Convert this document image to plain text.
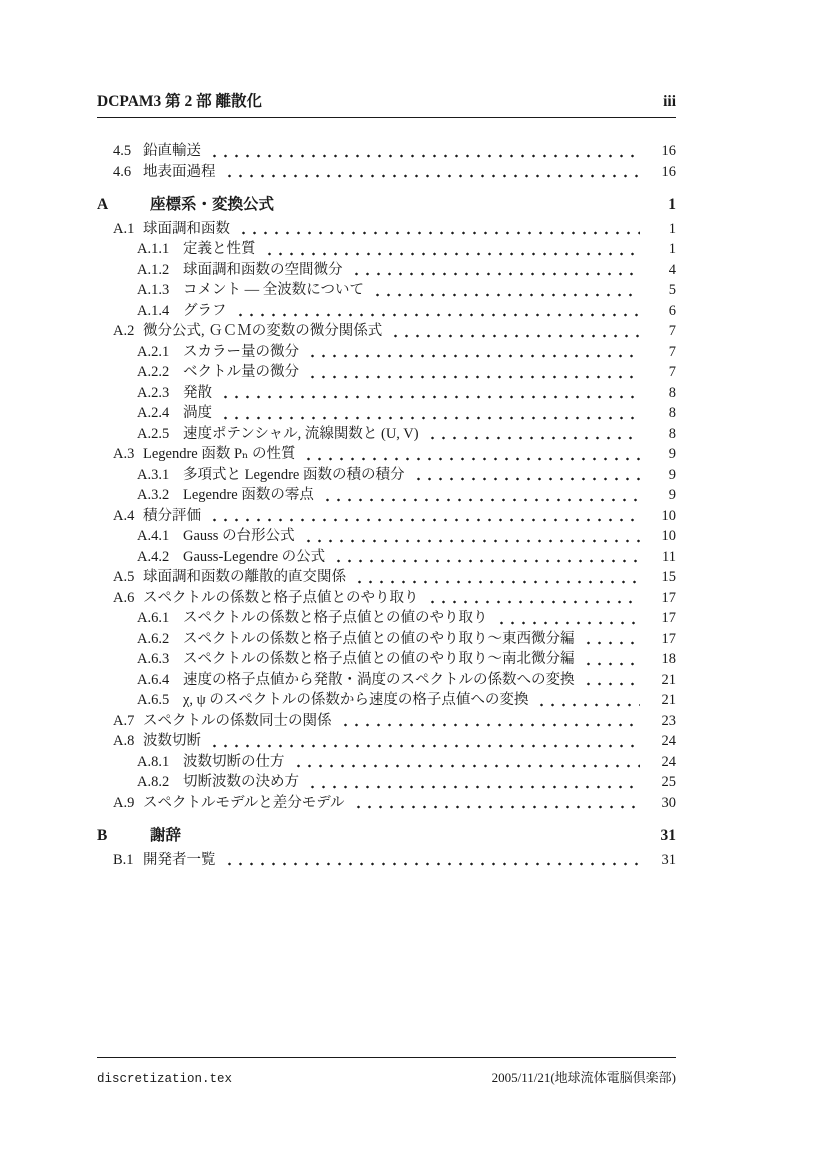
DCPAM3 第 2 部 離散化	iii
4.5 鉛直輸送	16
4.6 地表面過程	16
A	座標系・変換公式	1
A.1 球面調和函数	1
A.1.1 定義と性質	1
A.1.2 球面調和函数の空間微分	4
A.1.3 コメント — 全波数について	5
A.1.4 グラフ	6
A.2 微分公式, ＧＣＭの変数の微分関係式	7
A.2.1 スカラー量の微分	7
A.2.2 ベクトル量の微分	7
A.2.3 発散	8
A.2.4 渦度	8
A.2.5 速度ポテンシャル, 流線関数と (U, V)	8
A.3 Legendre 函数 Pₙ の性質	9
A.3.1 多項式と Legendre 函数の積の積分	9
A.3.2 Legendre 函数の零点	9
A.4 積分評価	10
A.4.1 Gauss の台形公式	10
A.4.2 Gauss-Legendre の公式	11
A.5 球面調和函数の離散的直交関係	15
A.6 スペクトルの係数と格子点値とのやり取り	17
A.6.1 スペクトルの係数と格子点値との値のやり取り	17
A.6.2 スペクトルの係数と格子点値との値のやり取り～東西微分編	17
A.6.3 スペクトルの係数と格子点値との値のやり取り～南北微分編	18
A.6.4 速度の格子点値から発散・渦度のスペクトルの係数への変換	21
A.6.5 χ, ψ のスペクトルの係数から速度の格子点値への変換	21
A.7 スペクトルの係数同士の関係	23
A.8 波数切断	24
A.8.1 波数切断の仕方	24
A.8.2 切断波数の決め方	25
A.9 スペクトルモデルと差分モデル	30
B	謝辞	31
B.1 開発者一覧	31
discretization.tex	2005/11/21(地球流体電脳倶楽部)
